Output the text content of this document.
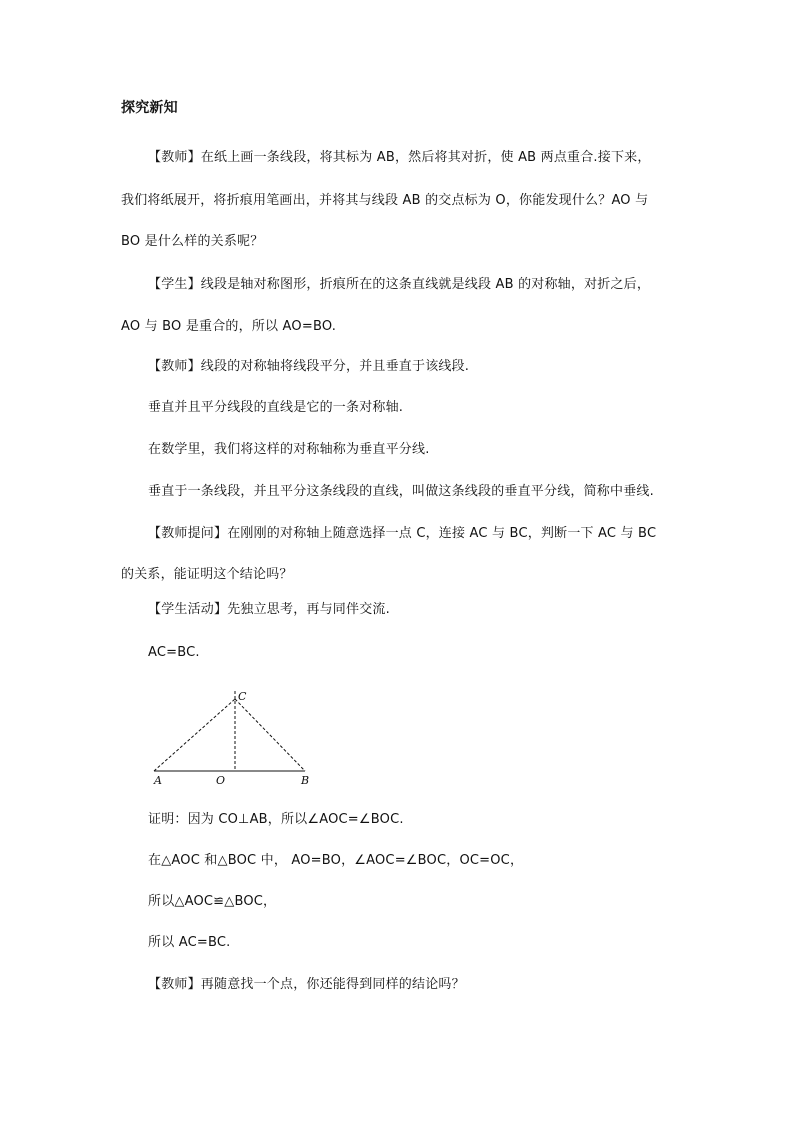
探究新知
【教师】在纸上画一条线段，将其标为 AB，然后将其对折，使 AB 两点重合.接下来，
我们将纸展开，将折痕用笔画出，并将其与线段 AB 的交点标为 O，你能发现什么？AO 与
BO 是什么样的关系呢？
【学生】线段是轴对称图形，折痕所在的这条直线就是线段 AB 的对称轴，对折之后，
AO 与 BO 是重合的，所以 AO=BO.
【教师】线段的对称轴将线段平分，并且垂直于该线段.
垂直并且平分线段的直线是它的一条对称轴.
在数学里，我们将这样的对称轴称为垂直平分线.
垂直于一条线段，并且平分这条线段的直线，叫做这条线段的垂直平分线，简称中垂线.
【教师提问】在刚刚的对称轴上随意选择一点 C，连接 AC 与 BC，判断一下 AC 与 BC
的关系，能证明这个结论吗？
【学生活动】先独立思考，再与同伴交流.
AC=BC.
C
A	O	B
证明：因为 CO⊥AB，所以∠AOC=∠BOC.
在△AOC 和△BOC 中， AO=BO，∠AOC=∠BOC，OC=OC，
所以△AOC≌△BOC，
所以 AC=BC.
【教师】再随意找一个点，你还能得到同样的结论吗？
